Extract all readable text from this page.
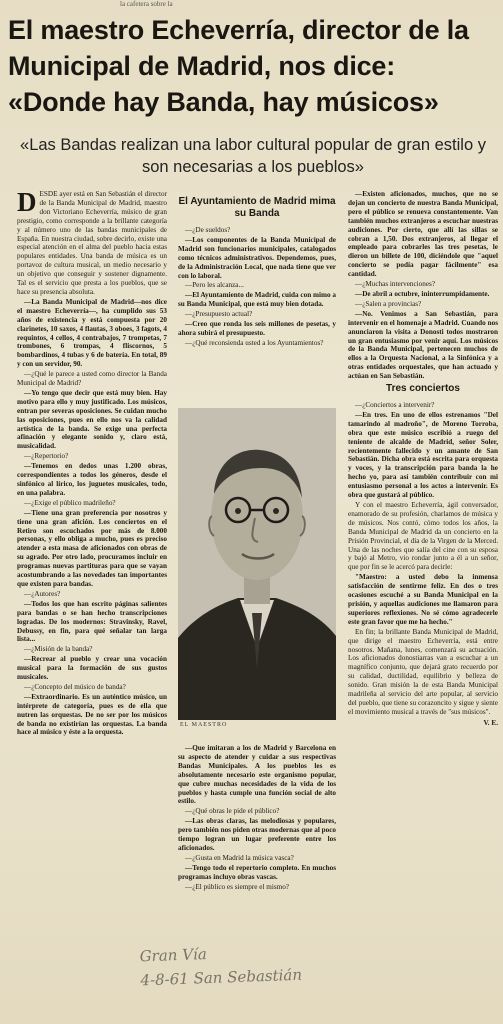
la cafetera sobre la
El maestro Echeverría, director de la Municipal de Madrid, nos dice: «Donde hay Banda, hay músicos»
«Las Bandas realizan una labor cultural popular de gran estilo y son necesarias a los pueblos»
D ESDE ayer está en San Sebastián el director de la Banda Municipal de Madrid, maestro don Victoriano Echeverría, músico de gran prestigio, como corresponde a la brillante categoría y al número uno de las bandas municipales de España. En nuestra ciudad, sobre decirlo, existe una especial atención en el alma del pueblo hacia estas populares entidades. Una banda de música es un portavoz de cultura musical, un medio necesario y un objetivo que conseguir y sostener dignamente. Tal es el servicio que presta a los pueblos, que se hace su presencia absoluta.

—La Banda Municipal de Madrid—nos dice el maestro Echeverría—, ha cumplido sus 53 años de existencia y está compuesta por 20 clarinetes, 10 saxos, 4 flautas, 3 oboes, 3 fagots, 4 requintos, 4 cellos, 4 contrabajos, 7 trompetas, 7 trombones, 6 trompas, 4 fliscornos, 5 bombardinos, 4 tubas y 6 de batería. En total, 89 y con un servidor, 90.

—¿Qué le parece a usted como director la Banda Municipal de Madrid?

—Yo tengo que decir que está muy bien. Hay motivo para ello y muy justificado. Los músicos, entran por severas oposiciones. Se cuidan mucho las oposiciones, pues en ello nos va la calidad artística de la banda. Se exige una perfecta afinación y elegante sonido y, claro está, musicalidad.

—¿Repertorio?

—Tenemos en dedos unas 1.200 obras, correspondientes a todos los géneros, desde el sinfónico al lírico, los juguetes musicales, todo, en una palabra.

—¿Exige el público madrileño?

—Tiene una gran preferencia por nosotros y tiene una gran afición. Los conciertos en el Retiro son escuchados por más de 8.000 personas, y ello obliga a mucho, pues es preciso atender a esta masa de aficionados con obras de su agrado. Por otro lado, procuramos incluir en programas nuevas partituras para que se vayan acostumbrando a las novedades tan importantes que existen para bandas.

—¿Autores?

—Todos los que han escrito páginas salientes para bandas o se han hecho transcripciones logradas. De los modernos: Stravinsky, Ravel, Debussy, en fin, para qué señalar tan larga lista...

—¿Misión de la banda?

—Recrear al pueblo y crear una vocación musical para la formación de sus gustos musicales.

—¿Concepto del músico de banda?

—Extraordinario. Es un auténtico músico, un intérprete de categoría, pues es de ella que nutren las orquestas. De no ser por los músicos de banda no existirían las orquestas. La banda hace al músico y éste a la orquesta.

El Ayuntamiento de Madrid mima su Banda

—¿De sueldos?

—Los componentes de la Banda Municipal de Madrid son funcionarios municipales, catalogados como técnicos administrativos. Dependemos, pues, de la Administración Local, que nada tiene que ver con lo laboral.

—Pero les alcanza...

—El Ayuntamiento de Madrid, cuida con mimo a su Banda Municipal, que está muy bien dotada.

—¿Presupuesto actual?

—Creo que ronda los seis millones de pesetas, y ahora subirá el presupuesto.

—¿Qué reconsienda usted a los Ayuntamientos?

EL MAESTRO

—Que imitaran a los de Madrid y Barcelona en su aspecto de atender y cuidar a sus respectivas Bandas Municipales. A los pueblos les es absolutamente necesario este organismo popular, que cubre muchas necesidades de la vida de los pueblos y hasta cumple una función social de alto estilo.

—¿Qué obras le pide el público?

—Las obras claras, las melodiosas y populares, pero también nos piden otras modernas que al poco tiempo logran un lugar preferente entre los aficionados.

—¿Gusta en Madrid la música vasca?

—Tengo todo el repertorio completo. En muchos programas incluyo obras vascas.

—¿El público es siempre el mismo?

—Existen aficionados, muchos, que no se dejan un concierto de nuestra Banda Municipal, pero el público se renueva constantemente. Van también muchos extranjeros a escuchar nuestras audiciones. Por cierto, que allí las sillas se cobran a 1,50. Dos extranjeros, al llegar el empleado para cobrarles las tres pesetas, le dieron un billete de 100, diciéndole que "aquel concierto se podía pagar fácilmente" esa cantidad.

—¿Muchas intervenciones?

—De abril a octubre, ininterrumpidamente.

—¿Salen a provincias?

—No. Venimos a San Sebastián, para intervenir en el homenaje a Madrid. Cuando nos anunciaron la visita a Donosti todos mostraron un gran entusiasmo por venir aquí. Los músicos de la Banda Municipal, pertenecen muchos de ellos a la Orquesta Nacional, a la Sinfónica y a otras entidades orquestales, que han actuado y actúan en San Sebastián.

Tres conciertos

—¿Conciertos a intervenir?

—En tres. En uno de ellos estrenamos "Del tamarindo al madroño", de Moreno Torroba, obra que este músico escribió a ruego del teniente de alcalde de Madrid, señor Soler, recientemente fallecido y un amante de San Sebastián. Dicha obra está escrita para orquesta y voces, y la transcripción para banda la he hecho yo, para así también contribuir con mi entusiasmo personal a los actos a intervenir. Es obra que gustará al público.

Y con el maestro Echeverría, ágil conversador, enamorado de su profesión, charlamos de música y de músicos. Nos contó, cómo todos los años, la Banda Municipal de Madrid da un concierto en la Prisión Provincial, el día de la Virgen de la Merced. Una de las noches que salía del cine con su esposa y bajó al Metro, vio rondar junto a él a un señor, que por fin se le acercó para decirle:

"Maestro: a usted debo la inmensa satisfacción de sentirme feliz. En dos o tres ocasiones escuché a su Banda Municipal en la prisión, y aquellas audiciones me llamaron para superiores reflexiones. No sé cómo agradecerle este gran favor que me ha hecho."

En fin; la brillante Banda Municipal de Madrid, que dirige el maestro Echeverría, está entre nosotros. Mañana, lunes, comenzará su actuación. Los aficionados donostiarras van a escuchar a un magnífico conjunto, que dejará grato recuerdo por su calidad, ductilidad, equilibrio y belleza de sonido. Gran misión la de esta Banda Municipal madrileña al servicio del arte popular, al servicio del pueblo, que tiene su corazoncito y sigue y siente el movimiento musical a través de "sus músicos".

V. E.
Gran Vía
4-8-61 San Sebastián
